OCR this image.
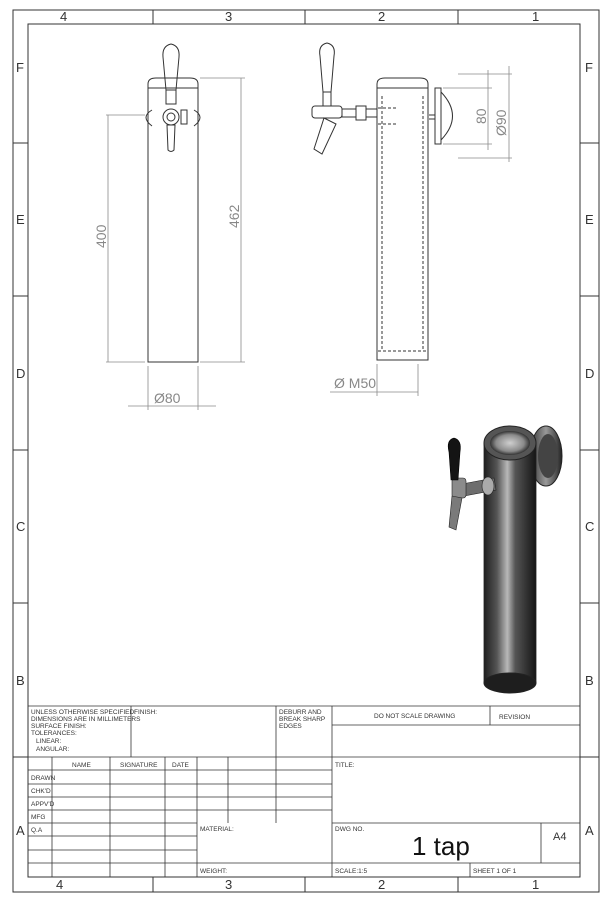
4	3	2	1
4	3	2	1
F
E
D
C
B
A
F
E
D
C
B
A
400
462
Ø80
Ø M50
80 Ø90
UNLESS OTHERWISE SPECIFIED:
DIMENSIONS ARE IN MILLIMETERS
SURFACE FINISH:
TOLERANCES:
LINEAR:
ANGULAR:
FINISH:	DEBURR AND
BREAK SHARP
EDGES
DO NOT SCALE DRAWING	REVISION
NAME	SIGNATURE DATE
DRAWN
CHK'D
APPV'D
MFG
Q.A
TITLE:
MATERIAL:
WEIGHT:
DWG NO.
1 tap	A4
SCALE:1:5	SHEET 1 OF 1
